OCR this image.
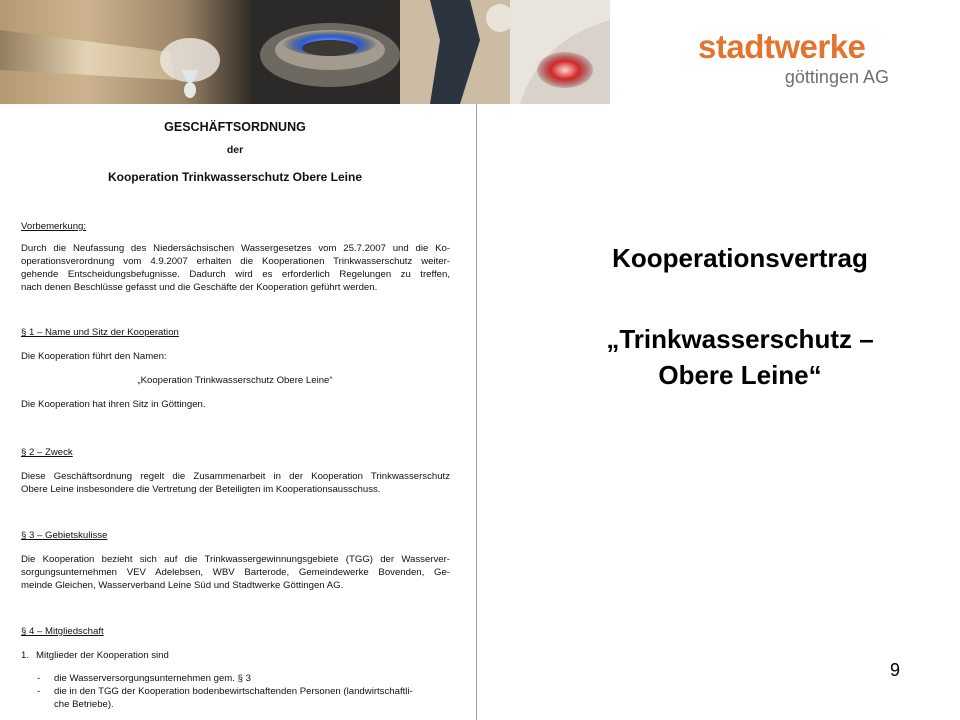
stadtwerke
göttingen AG
GESCHÄFTSORDNUNG
der
Kooperation Trinkwasserschutz Obere Leine
Vorbemerkung:
Durch die Neufassung des Niedersächsischen Wassergesetzes vom 25.7.2007 und die Ko-
operationsverordnung vom 4.9.2007 erhalten die Kooperationen Trinkwasserschutz weiter-
gehende Entscheidungsbefugnisse. Dadurch wird es erforderlich Regelungen zu treffen,
nach denen Beschlüsse gefasst und die Geschäfte der Kooperation geführt werden.
§ 1 – Name und Sitz der Kooperation
Die Kooperation führt den Namen:
„Kooperation Trinkwasserschutz Obere Leine“
Die Kooperation hat ihren Sitz in Göttingen.
§ 2 – Zweck
Diese Geschäftsordnung regelt die Zusammenarbeit in der Kooperation Trinkwasserschutz
Obere Leine insbesondere die Vertretung der Beteiligten im Kooperationsausschuss.
§ 3 – Gebietskulisse
Die Kooperation bezieht sich auf die Trinkwassergewinnungsgebiete (TGG) der Wasserver-
sorgungsunternehmen VEV Adelebsen, WBV Barterode, Gemeindewerke Bovenden, Ge-
meinde Gleichen, Wasserverband Leine Süd und Stadtwerke Göttingen AG.
§ 4 – Mitgliedschaft
1. Mitglieder der Kooperation sind
- die Wasserversorgungsunternehmen gem. § 3
- die in den TGG der Kooperation bodenbewirtschaftenden Personen (landwirtschaftli-
che Betriebe).
Kooperationsvertrag
„Trinkwasserschutz –
Obere Leine“
9
